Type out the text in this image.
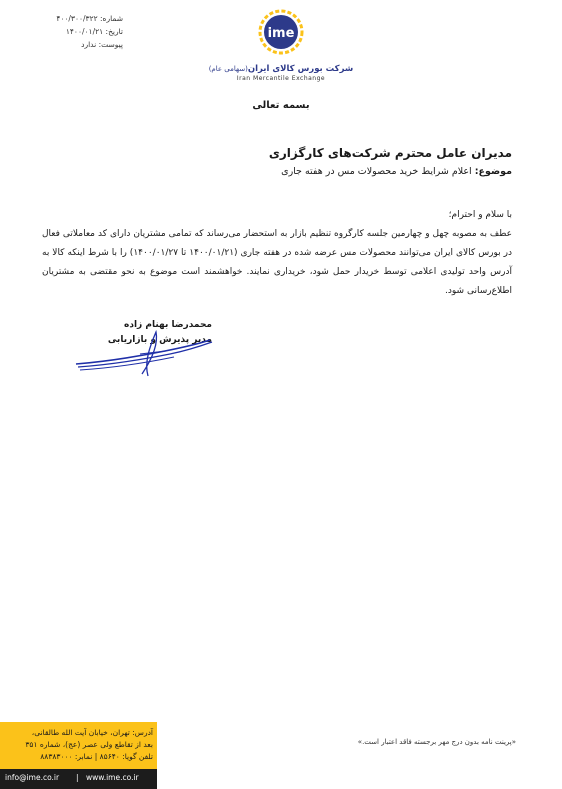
شماره: ۴۰۰/۳۰۰/۳۲۲
تاریخ: ۱۴۰۰/۰۱/۲۱
پیوست: ندارد
ime
شرکت بورس کالای ایران(سهامی عام)
Iran Mercantile Exchange
بسمه تعالی
مدیران عامل محترم شرکت‌های کارگزاری
موضوع: اعلام شرایط خرید محصولات مس در هفته جاری
با سلام و احترام؛
عطف به مصوبه چهل و چهارمین جلسه کارگروه تنظیم بازار به استحضار می‌رساند که تمامی مشتریان دارای کد معاملاتی فعال در بورس کالای ایران می‌توانند محصولات مس عرضه شده در هفته جاری (۱۴۰۰/۰۱/۲۱ تا ۱۴۰۰/۰۱/۲۷) را با شرط اینکه کالا به آدرس واحد تولیدی اعلامی توسط خریدار حمل شود، خریداری نمایند. خواهشمند است موضوع به نحو مقتضی به مشتریان اطلاع‌رسانی شود.
محمدرضا بهنام زاده
مدیر پذیرش و بازاریابی
«پرینت نامه بدون درج مهر برجسته فاقد اعتبار است.»
آدرس: تهران، خیابان آیت الله طالقانی،
بعد از تقاطع ولی عصر (عج)، شماره ۳۵۱
تلفن گویا: ۸۵۶۴۰ | نمابر: ۸۸۳۸۳۰۰۰
info@ime.co.ir | www.ime.co.ir
